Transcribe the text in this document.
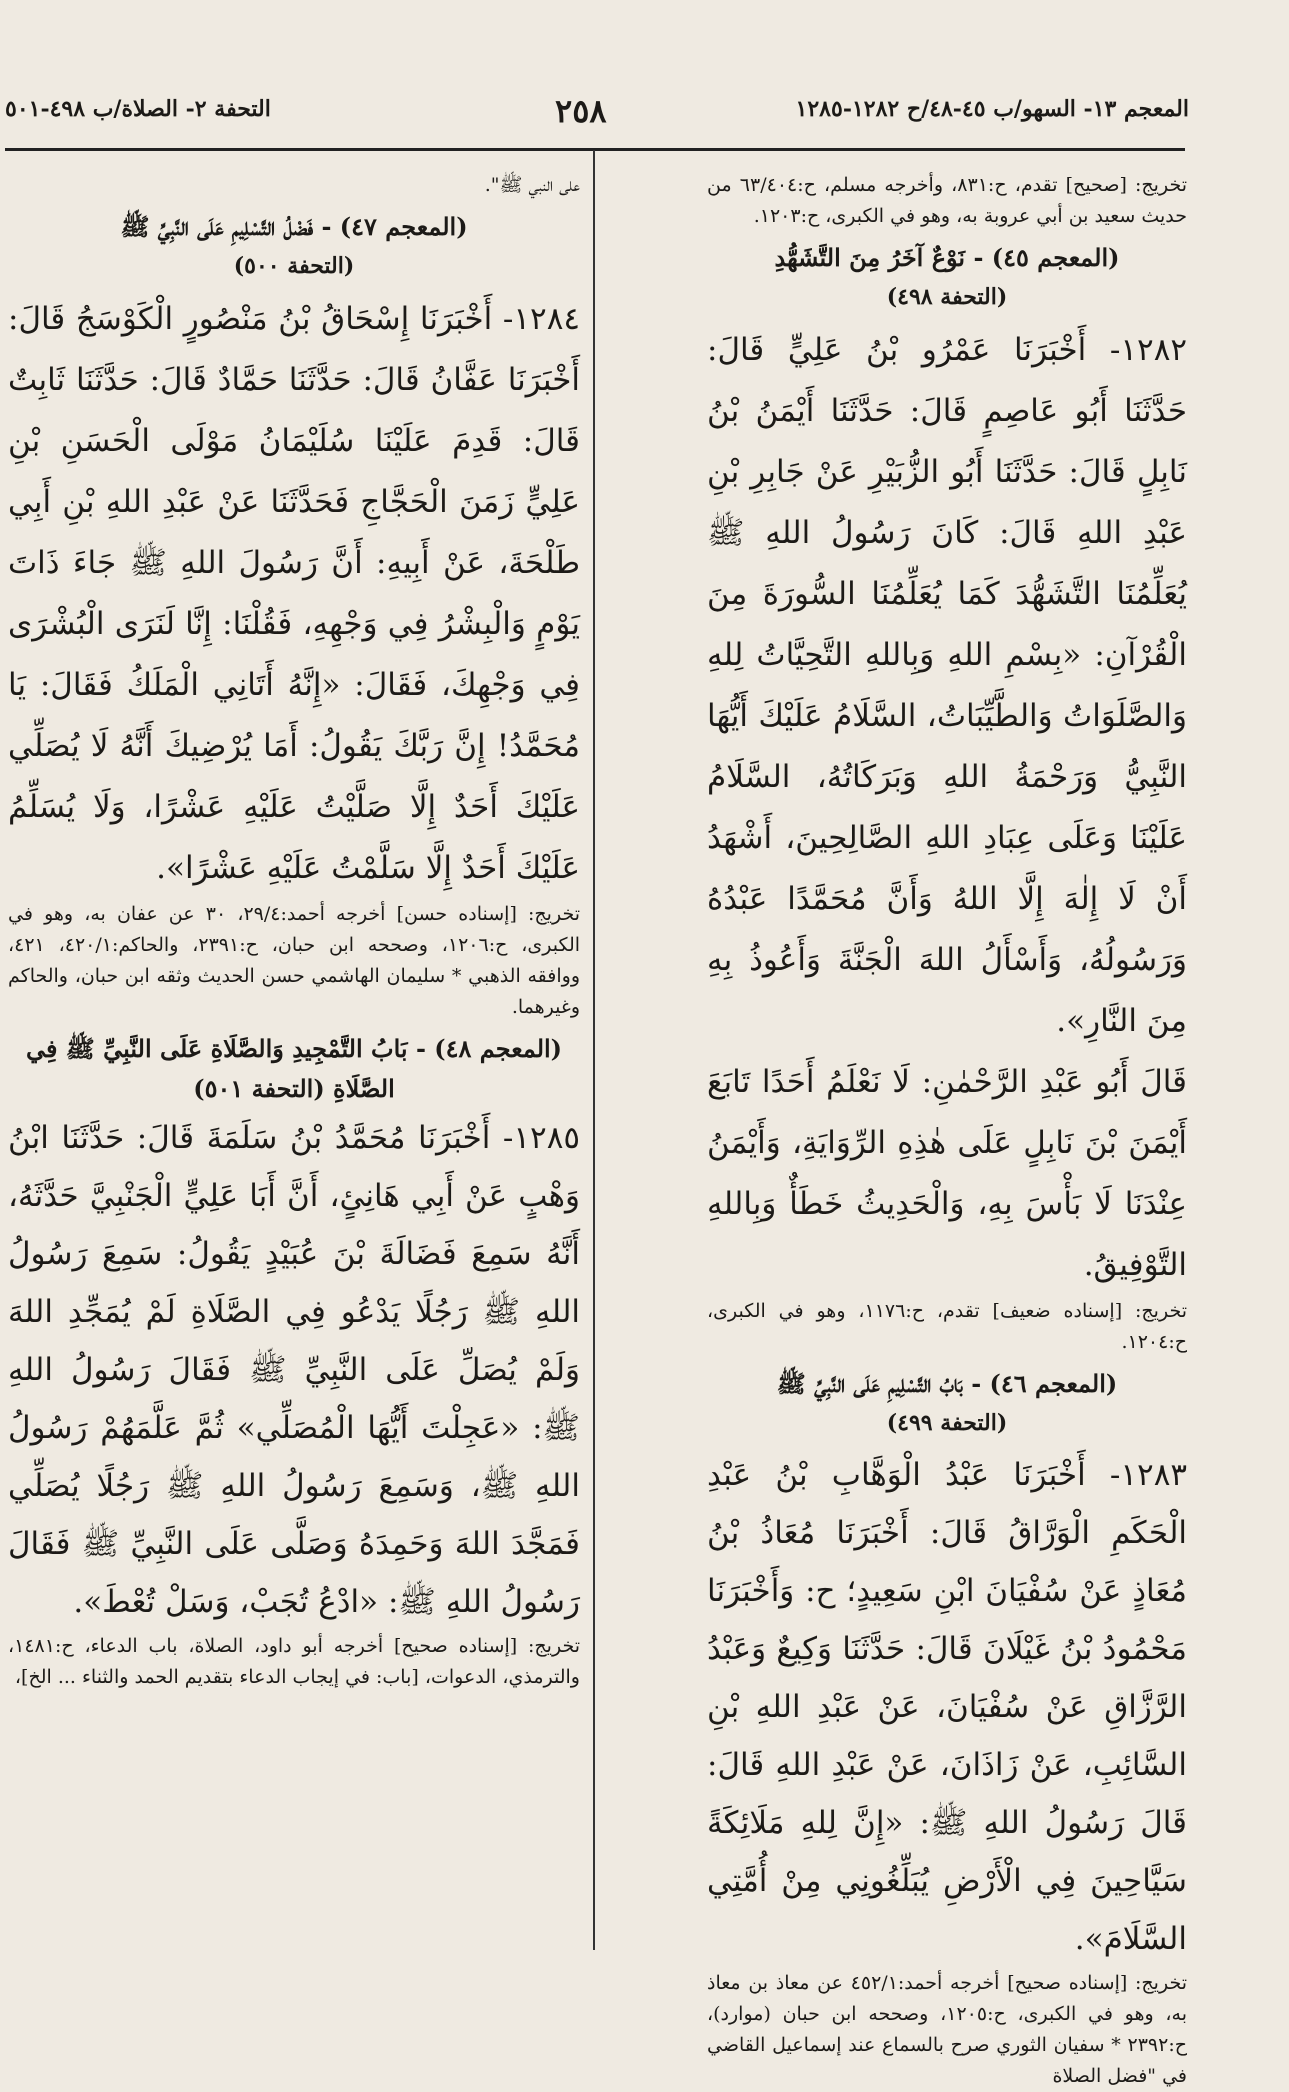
المعجم ١٣- السهو/ب ٤٥-٤٨/ح ١٢٨٢-١٢٨٥
٢٥٨
التحفة ٢- الصلاة/ب ٤٩٨-٥٠١

تخريج: [صحيح] تقدم، ح:٨٣١، وأخرجه مسلم، ح:٦٣/٤٠٤ من حديث سعيد بن أبي عروبة به، وهو في الكبرى، ح:١٢٠٣.

(المعجم ٤٥) - نَوْعٌ آخَرُ مِنَ التَّشَهُّدِ
(التحفة ٤٩٨)

١٢٨٢- أَخْبَرَنَا عَمْرُو بْنُ عَلِيٍّ قَالَ: حَدَّثَنَا أَبُو عَاصِمٍ قَالَ: حَدَّثَنَا أَيْمَنُ بْنُ نَابِلٍ قَالَ: حَدَّثَنَا أَبُو الزُّبَيْرِ عَنْ جَابِرِ بْنِ عَبْدِ اللهِ قَالَ: كَانَ رَسُولُ اللهِ ﷺ يُعَلِّمُنَا التَّشَهُّدَ كَمَا يُعَلِّمُنَا السُّورَةَ مِنَ الْقُرْآنِ: «بِسْمِ اللهِ وَبِاللهِ التَّحِيَّاتُ لِلهِ وَالصَّلَوَاتُ وَالطَّيِّبَاتُ، السَّلَامُ عَلَيْكَ أَيُّهَا النَّبِيُّ وَرَحْمَةُ اللهِ وَبَرَكَاتُهُ، السَّلَامُ عَلَيْنَا وَعَلَى عِبَادِ اللهِ الصَّالِحِينَ، أَشْهَدُ أَنْ لَا إِلٰهَ إِلَّا اللهُ وَأَنَّ مُحَمَّدًا عَبْدُهُ وَرَسُولُهُ، وَأَسْأَلُ اللهَ الْجَنَّةَ وَأَعُوذُ بِهِ مِنَ النَّارِ».

قَالَ أَبُو عَبْدِ الرَّحْمٰنِ: لَا نَعْلَمُ أَحَدًا تَابَعَ أَيْمَنَ بْنَ نَابِلٍ عَلَى هٰذِهِ الرِّوَايَةِ، وَأَيْمَنُ عِنْدَنَا لَا بَأْسَ بِهِ، وَالْحَدِيثُ خَطَأٌ وَبِاللهِ التَّوْفِيقُ.

تخريج: [إسناده ضعيف] تقدم، ح:١١٧٦، وهو في الكبرى، ح:١٢٠٤.

(المعجم ٤٦) - بَابُ التَّسْلِيمِ عَلَى النَّبِيِّ ﷺ
(التحفة ٤٩٩)

١٢٨٣- أَخْبَرَنَا عَبْدُ الْوَهَّابِ بْنُ عَبْدِ الْحَكَمِ الْوَرَّاقُ قَالَ: أَخْبَرَنَا مُعَاذُ بْنُ مُعَاذٍ عَنْ سُفْيَانَ ابْنِ سَعِيدٍ؛ ح: وَأَخْبَرَنَا مَحْمُودُ بْنُ غَيْلَانَ قَالَ: حَدَّثَنَا وَكِيعٌ وَعَبْدُ الرَّزَّاقِ عَنْ سُفْيَانَ، عَنْ عَبْدِ اللهِ بْنِ السَّائِبِ، عَنْ زَاذَانَ، عَنْ عَبْدِ اللهِ قَالَ: قَالَ رَسُولُ اللهِ ﷺ: «إِنَّ لِلهِ مَلَائِكَةً سَيَّاحِينَ فِي الْأَرْضِ يُبَلِّغُونِي مِنْ أُمَّتِي السَّلَامَ».

تخريج: [إسناده صحيح] أخرجه أحمد:٤٥٢/١ عن معاذ بن معاذ به، وهو في الكبرى، ح:١٢٠٥، وصححه ابن حبان (موارد)، ح:٢٣٩٢ * سفيان الثوري صرح بالسماع عند إسماعيل القاضي في "فضل الصلاة

على النبي ﷺ".

(المعجم ٤٧) - فَضْلُ التَّسْلِيمِ عَلَى النَّبِيِّ ﷺ
(التحفة ٥٠٠)

١٢٨٤- أَخْبَرَنَا إِسْحَاقُ بْنُ مَنْصُورٍ الْكَوْسَجُ قَالَ: أَخْبَرَنَا عَفَّانُ قَالَ: حَدَّثَنَا حَمَّادٌ قَالَ: حَدَّثَنَا ثَابِتٌ قَالَ: قَدِمَ عَلَيْنَا سُلَيْمَانُ مَوْلَى الْحَسَنِ بْنِ عَلِيٍّ زَمَنَ الْحَجَّاجِ فَحَدَّثَنَا عَنْ عَبْدِ اللهِ بْنِ أَبِي طَلْحَةَ، عَنْ أَبِيهِ: أَنَّ رَسُولَ اللهِ ﷺ جَاءَ ذَاتَ يَوْمٍ وَالْبِشْرُ فِي وَجْهِهِ، فَقُلْنَا: إِنَّا لَنَرَى الْبُشْرَى فِي وَجْهِكَ، فَقَالَ: «إِنَّهُ أَتَانِي الْمَلَكُ فَقَالَ: يَا مُحَمَّدُ! إِنَّ رَبَّكَ يَقُولُ: أَمَا يُرْضِيكَ أَنَّهُ لَا يُصَلِّي عَلَيْكَ أَحَدٌ إِلَّا صَلَّيْتُ عَلَيْهِ عَشْرًا، وَلَا يُسَلِّمُ عَلَيْكَ أَحَدٌ إِلَّا سَلَّمْتُ عَلَيْهِ عَشْرًا».

تخريج: [إسناده حسن] أخرجه أحمد:٢٩/٤، ٣٠ عن عفان به، وهو في الكبرى، ح:١٢٠٦، وصححه ابن حبان، ح:٢٣٩١، والحاكم:٤٢٠/١، ٤٢١، ووافقه الذهبي * سليمان الهاشمي حسن الحديث وثقه ابن حبان، والحاكم وغيرهما.

(المعجم ٤٨) - بَابُ التَّمْجِيدِ وَالصَّلَاةِ عَلَى النَّبِيِّ ﷺ فِي الصَّلَاةِ (التحفة ٥٠١)

١٢٨٥- أَخْبَرَنَا مُحَمَّدُ بْنُ سَلَمَةَ قَالَ: حَدَّثَنَا ابْنُ وَهْبٍ عَنْ أَبِي هَانِئٍ، أَنَّ أَبَا عَلِيٍّ الْجَنْبِيَّ حَدَّثَهُ، أَنَّهُ سَمِعَ فَضَالَةَ بْنَ عُبَيْدٍ يَقُولُ: سَمِعَ رَسُولُ اللهِ ﷺ رَجُلًا يَدْعُو فِي الصَّلَاةِ لَمْ يُمَجِّدِ اللهَ وَلَمْ يُصَلِّ عَلَى النَّبِيِّ ﷺ فَقَالَ رَسُولُ اللهِ ﷺ: «عَجِلْتَ أَيُّهَا الْمُصَلِّي» ثُمَّ عَلَّمَهُمْ رَسُولُ اللهِ ﷺ، وَسَمِعَ رَسُولُ اللهِ ﷺ رَجُلًا يُصَلِّي فَمَجَّدَ اللهَ وَحَمِدَهُ وَصَلَّى عَلَى النَّبِيِّ ﷺ فَقَالَ رَسُولُ اللهِ ﷺ: «ادْعُ تُجَبْ، وَسَلْ تُعْطَ».

تخريج: [إسناده صحيح] أخرجه أبو داود، الصلاة، باب الدعاء، ح:١٤٨١، والترمذي، الدعوات، [باب: في إيجاب الدعاء بتقديم الحمد والثناء ... الخ]،
